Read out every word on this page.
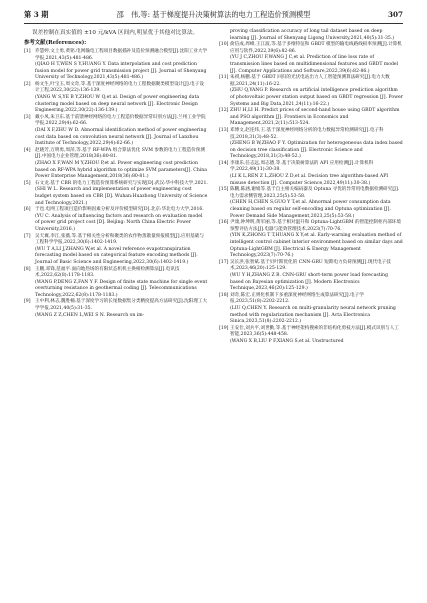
第 3 期	邵　伟,等: 基于梯度提升决策树算法的电力工程造价预测模型	307

误差控制在真实值的 ±10 元/kVA 区间内,明显优于其他对比算法。

参考文献(References):
[1] 乔慧婷,文上勇,黄铭.电网输电工程项目数据插补及造价预测融合模型[J].沈阳工业大学学报,2021,43(5):481-486.
(QIAO H T,WEN S Y,HUANG Y. Data interpolation and cost prediction fusion model for power grid transmission project [J]. Journal of Shenyang University of Technology,2021,43(5):481-486.)
[2] 杨文生,叶宝玉,周文奇,等.基于深度神经网络的电力工程数据聚类模型设计[J].电子设计工程,2022,30(22):136-139.
(YANG W S,YE B Y,ZHOU W Q,et al. Design of power engineering data clustering model based on deep neural network [J]. Electronic Design Engineering,2022,30(22):136-139.)
[3] 戴小凤,朱卫东.基于前馈神经网络的电力工程造价数据异常识别方法[J].兰州工业学院学报,2022,29(4):62-66.
(DAI X F,ZHU W D. Abnormal identification method of power engineering cost data based on convolution neural network [J]. Journal of Lanzhou Institute of Technology,2022,29(4):62-66.)
[4] 赵晓芳,万明勇,周萍,等.基于 RF-WPA 组合算法优化 SVM 参数的电力工程造价预测[J].中国电力企业管理,2018(36):80-81.
(ZHAO X F,WAN M Y,ZHOU P,et al. Power engineering cost prediction based on RF-WPA hybrid algorithm to optimize SVM parameters[J]. China Power Enterprise Management,2018(36):80-81.)
[5] 石文龙.基于 CBR 的电力工程造价预算系统研究与实现[D].武汉:华中科技大学,2021.
(SHI W L. Research and implementation of power engineering cost budget system based on CBR [D]. Wuhan:Huazhong University of Science and Technology,2021.)
[6] 于也.电网工程项目造价影响因素分析及评价模型研究[D].北京:华北电力大学,2016.
(YU C. Analysis of influencing factors and research on evaluation model of power grid project cost [D]. Beijing: North China Electric Power University,2016.)
[7] 吴天翼,李江,张薇,等.基于相关性分析和聚类的农作物蒸散量预报模型[J].应用基础与工程科学学报,2022,30(6):1402-1419.
(WU T A,LI J,ZHANG W,et al. A novel reference evapotranspiration forecasting model based on categorical feature encoding methods [J]. Journal of Basic Science and Engineering,2022,30(6):1402-1419.)
[8] 王鹏,邓锋,范福平.面向地热场的有限状态机机主换相检测算法[J].电讯技术,2022,62(8):1178-1183.
(WANG P,DENG Z,FAN Y F. Design of finite state machine for single event overturning resistance in geothermal coding [J]. Telecommunications Technology,2022,62(8):1178-1183.)
[9] 王中利,林志,魏胜楠.基于深度学习的长尾数据集分类精度提高方法研究[J].沈阳理工大学学报,2021,40(5):31-35.
(WANG Z Z,CHEN L,WEI S N. Research on im-
proving classification accuracy of long tail dataset based on deep learning [J]. Journal of Shenyang Ligong University,2021,40(5):31-35.)
[10] 俞信成,周峰,王江波,等.基于多维特征和 GBDT 模型的输电线路线损率预测[J].计算机应用与软件,2022,39(6):82-86.
(YU J C,ZHOU F,WANG J C,et al. Prediction of line loss rate of transmission lines based on multidimensional features and GBDT model [J]. Computer Applications and Software,2022,39(6):82-86.)
[11] 朱祺,杨鹏.基于 GBDT 回归的光伏电站出力人工智能预测算法研究[J].电力大数据,2021,24(11):16-22.
(ZHU Q,YANG P. Research on artificial intelligence prediction algorithm of photovoltaic power station output based on GBDT regression [J]. Power Systems and Big Data,2021,24(11):16-22.)
[12] ZHU H,LI H. Predict prices of second-hand house using GBDT algorithm and PSO algorithm [J]. Frontiers in Economics and Management,2021,2(11):513-524.
[13] 邓博文,赵连炜,王.基于深度神经网络分析的电力数据异常检测研究[J].电子科技,2018,31(3):48-52.
(ZHENG B W,ZHAO F Y. Optimization for heterogeneous data index based on decision tree classification [J]. Electronic Science and Technology,2018,31(3):48-52.)
[14] 李康乐,任志远,周志德,等.基于决策树算法的 API 应用检测[J].计算机科学,2022,49(11):30-38.
(LI K L,REN Z L,ZHOU Z D,et al. Decision tree algorithm-based API misuse detection [J]. Computer Science,2022,49(11):30-38.)
[15] 陈鹏,陈涵,谢娟等.基于自主相关编码器及 Optuna 寻优的异常用电数据检测研究[J].电力需求侧管理,2023,25(5):53-58.
(CHEN H,CHEN S,GUO Y T,et al. Abnormal power consumption data cleaning based on regular self-encoding and Optuna optimization [J]. Power Demand Side Management,2023,25(5):53-58.)
[16] 尹康,钟坤明,黄军丽,等.基于相对温升和 Optuna-LightGBM 的智能控制柜内部环境预警评估方法[J].电器与能效管理技术,2023(7):70-76.
(YIN K,ZHONG T T,HUANG X Y,et al. Early-warning evaluation method of intelligent control cabinet interior environment based on similar days and Optuna-LightGBM [J]. Electrical & Energy Management Technology,2023(7):70-76.)
[17] 吴长洪,张智斌.基于贝叶斯优化的 CNN-GRU 短期电力负荷预测[J].现代电子技术,2023,46(20):125-129.
(WU Y H,ZHANG Z B. CNN-GRU short-term power load forecasting based on Bayesian optimization [J]. Modern Electronics Technique,2023,46(20):125-129.)
[18] 刘奇,陈宏.正则化机制下多重深度神经网络生成算法研究[J].电子学报,2023,51(8):2202-2212.
(LIU Q,CHEN Y. Research on multi-granularity neural network pruning method with regularization mechanism [J]. Acta Electronica Sinica,2023,51(8):2202-2212.)
[19] 王安仕,刘兵平,刘世勤,等.基于神经架构搜索的非结构化剪枝方法[J].模式识别与人工智能,2023,36(5):448-458.
(WANG X B,LIU P F,XIANG S,et al. Unstructured
